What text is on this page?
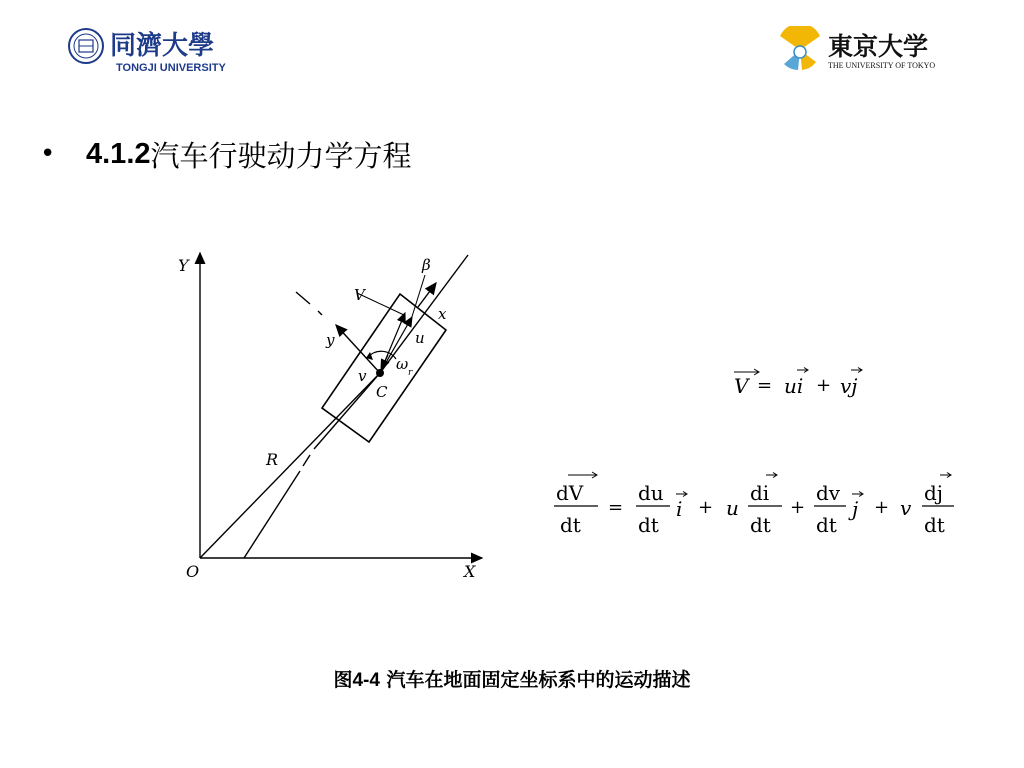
同濟大學
TONGJI UNIVERSITY
東京大学
THE UNIVERSITY OF TOKYO
•	4.1.2 汽车行驶动力学方程
Y
X
O
R
x
y
V
β
u
v
ω r
C	V = ui + vj
dV
dt
=
du
dt
i + u
di
dt
+
dv
dt
j + v
dj
dt
图4-4 汽车在地面固定坐标系中的运动描述
